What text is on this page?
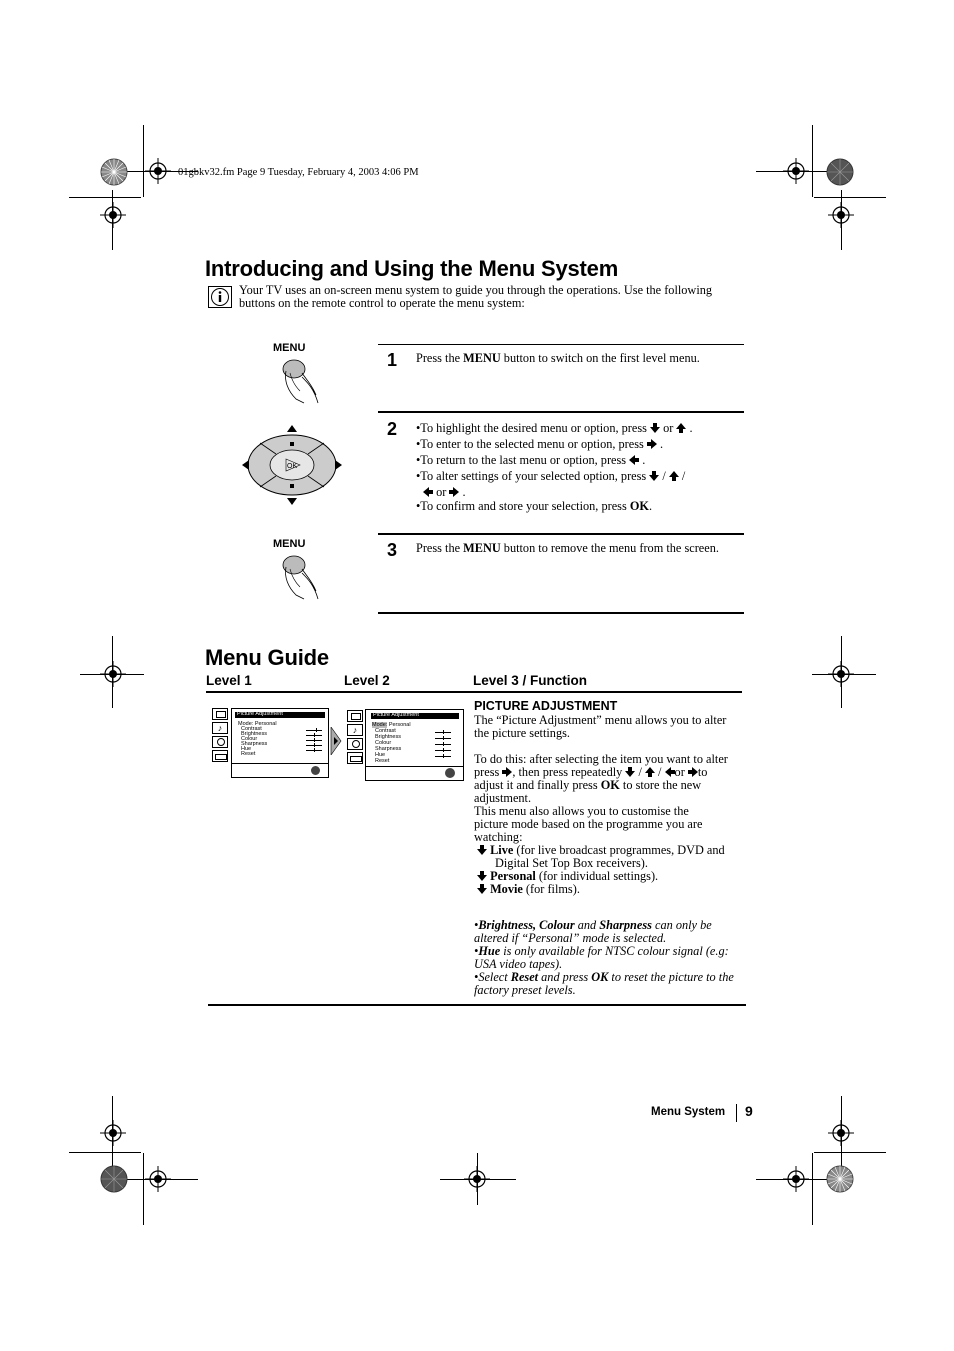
01gbkv32.fm Page 9 Tuesday, February 4, 2003 4:06 PM
Introducing and Using the Menu System
Your TV uses an on-screen menu system to guide you through the operations. Use the following
buttons on the remote control to operate the menu system:
MENU
OK
MENU
1 Press the MENU button to switch on the first level menu.
2 •To highlight the desired menu or option, press or  .
•To enter to the selected menu or option, press  .
•To return to the last menu or option, press  .
•To alter settings of your selected option, press  /  /
or  .
•To confirm and store your selection, press OK.
3 Press the MENU button to remove the menu from the screen.
Menu Guide
Level 1	Level 2	Level 3 / Function
♪
Picture Adjustment
Mode: Personal
Contrast
Brightness
Colour
Sharpness
Hue
Reset
♪
Picture Adjustment
Mode: Personal
Contrast
Brightness
Colour
Sharpness
Hue
Reset
PICTURE ADJUSTMENT
The “Picture Adjustment” menu allows you to alter
the picture settings.
To do this: after selecting the item you want to alter
press , then press repeatedly  /  / or to
adjust it and finally press OK to store the new
adjustment.
This menu also allows you to customise the
picture mode based on the programme you are
watching:
Live (for live broadcast programmes, DVD and
Digital Set Top Box receivers).
Personal (for individual settings).
Movie (for films).
•Brightness, Colour and Sharpness can only be
altered if “Personal” mode is selected.
•Hue is only available for NTSC colour signal (e.g:
USA video tapes).
•Select Reset and press OK to reset the picture to the
factory preset levels.
Menu System 9
